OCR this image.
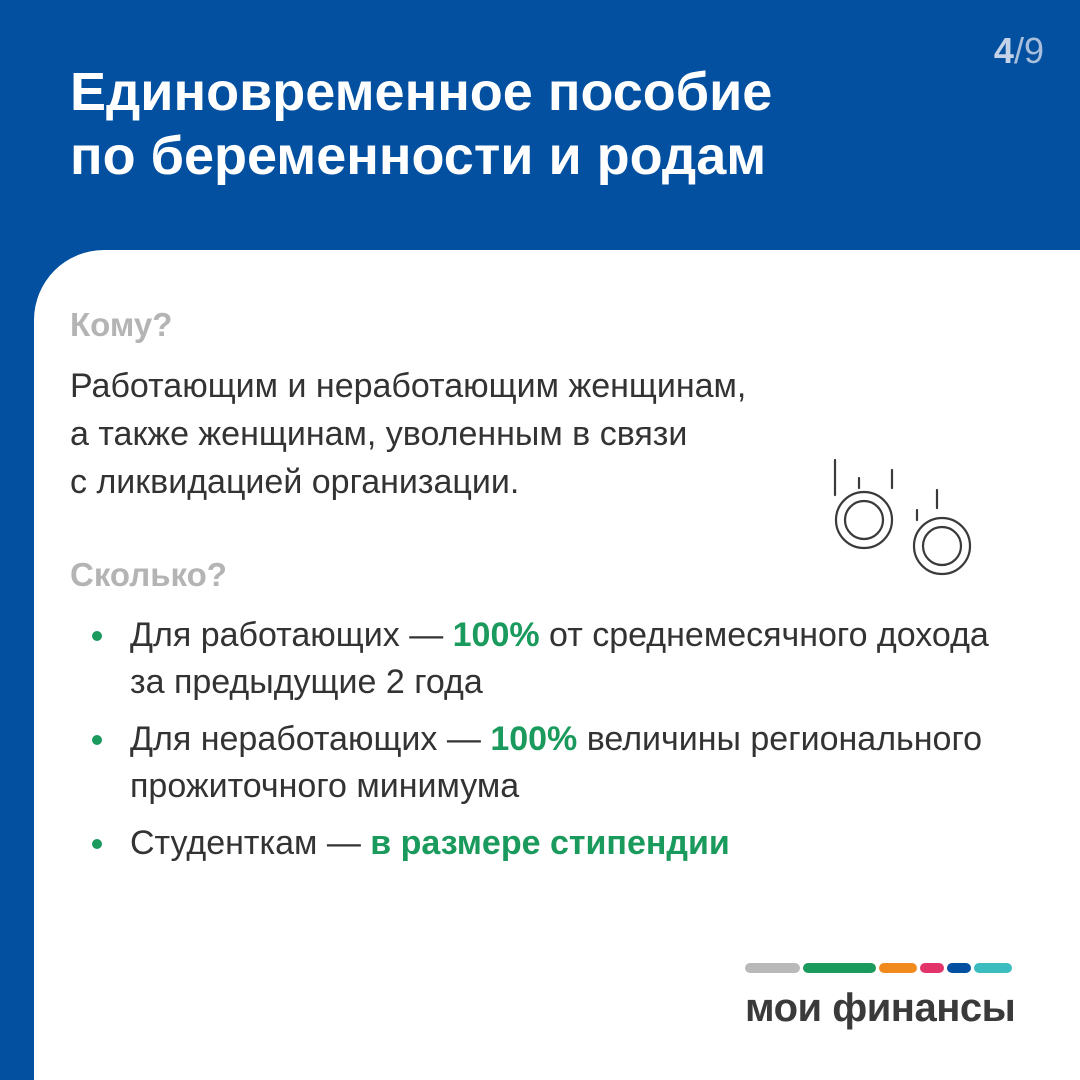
4/9
Единовременное пособие
по беременности и родам

Кому?

Работающим и неработающим женщинам,
а также женщинам, уволенным в связи
с ликвидацией организации.

Сколько?

Для работающих — 100% от среднемесячного дохода за предыдущие 2 года
Для неработающих — 100% величины регионального прожиточного минимума
Студенткам — в размере стипендии

мои финансы
